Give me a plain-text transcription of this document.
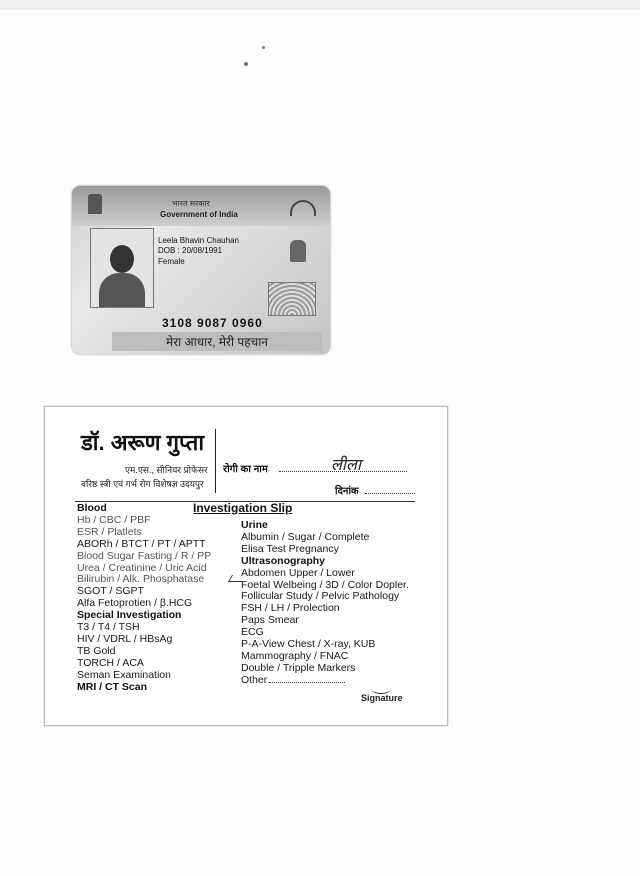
भारत सरकार
Government of India
Leela Bhavin Chauhan
DOB : 20/08/1991
Female
3108 9087 0960
मेरा आधार, मेरी पहचान
डॉ. अरूण गुप्ता
एम.एस., सीनियर प्रोफेसर
वरिष्ठ स्त्री एवं गर्भ रोग विशेषज्ञ उदयपुर
रोगी का नाम	लीला
दिनांक
Investigation Slip
Blood
Hb / CBC / PBF
ESR / Platlets
ABORh / BTCT / PT / APTT
Blood Sugar Fasting / R / PP
Urea / Creatinine / Uric Acid
Bilirubin / Alk. Phosphatase
SGOT / SGPT
Alfa Fetoprotien / β.HCG
Special Investigation
T3 / T4 / TSH
HIV / VDRL / HBsAg
TB Gold
TORCH / ACA
Seman Examination
MRI / CT Scan
Urine
Albumin / Sugar / Complete
Elisa Test Pregnancy
Ultrasonography
Abdomen Upper / Lower
Foetal Welbeing / 3D / Color Dopler.
Follicular Study / Pelvic Pathology
FSH / LH / Prolection
Paps Smear
ECG
P-A-View Chest / X-ray, KUB
Mammography / FNAC
Double / Tripple Markers
Other
Signature
